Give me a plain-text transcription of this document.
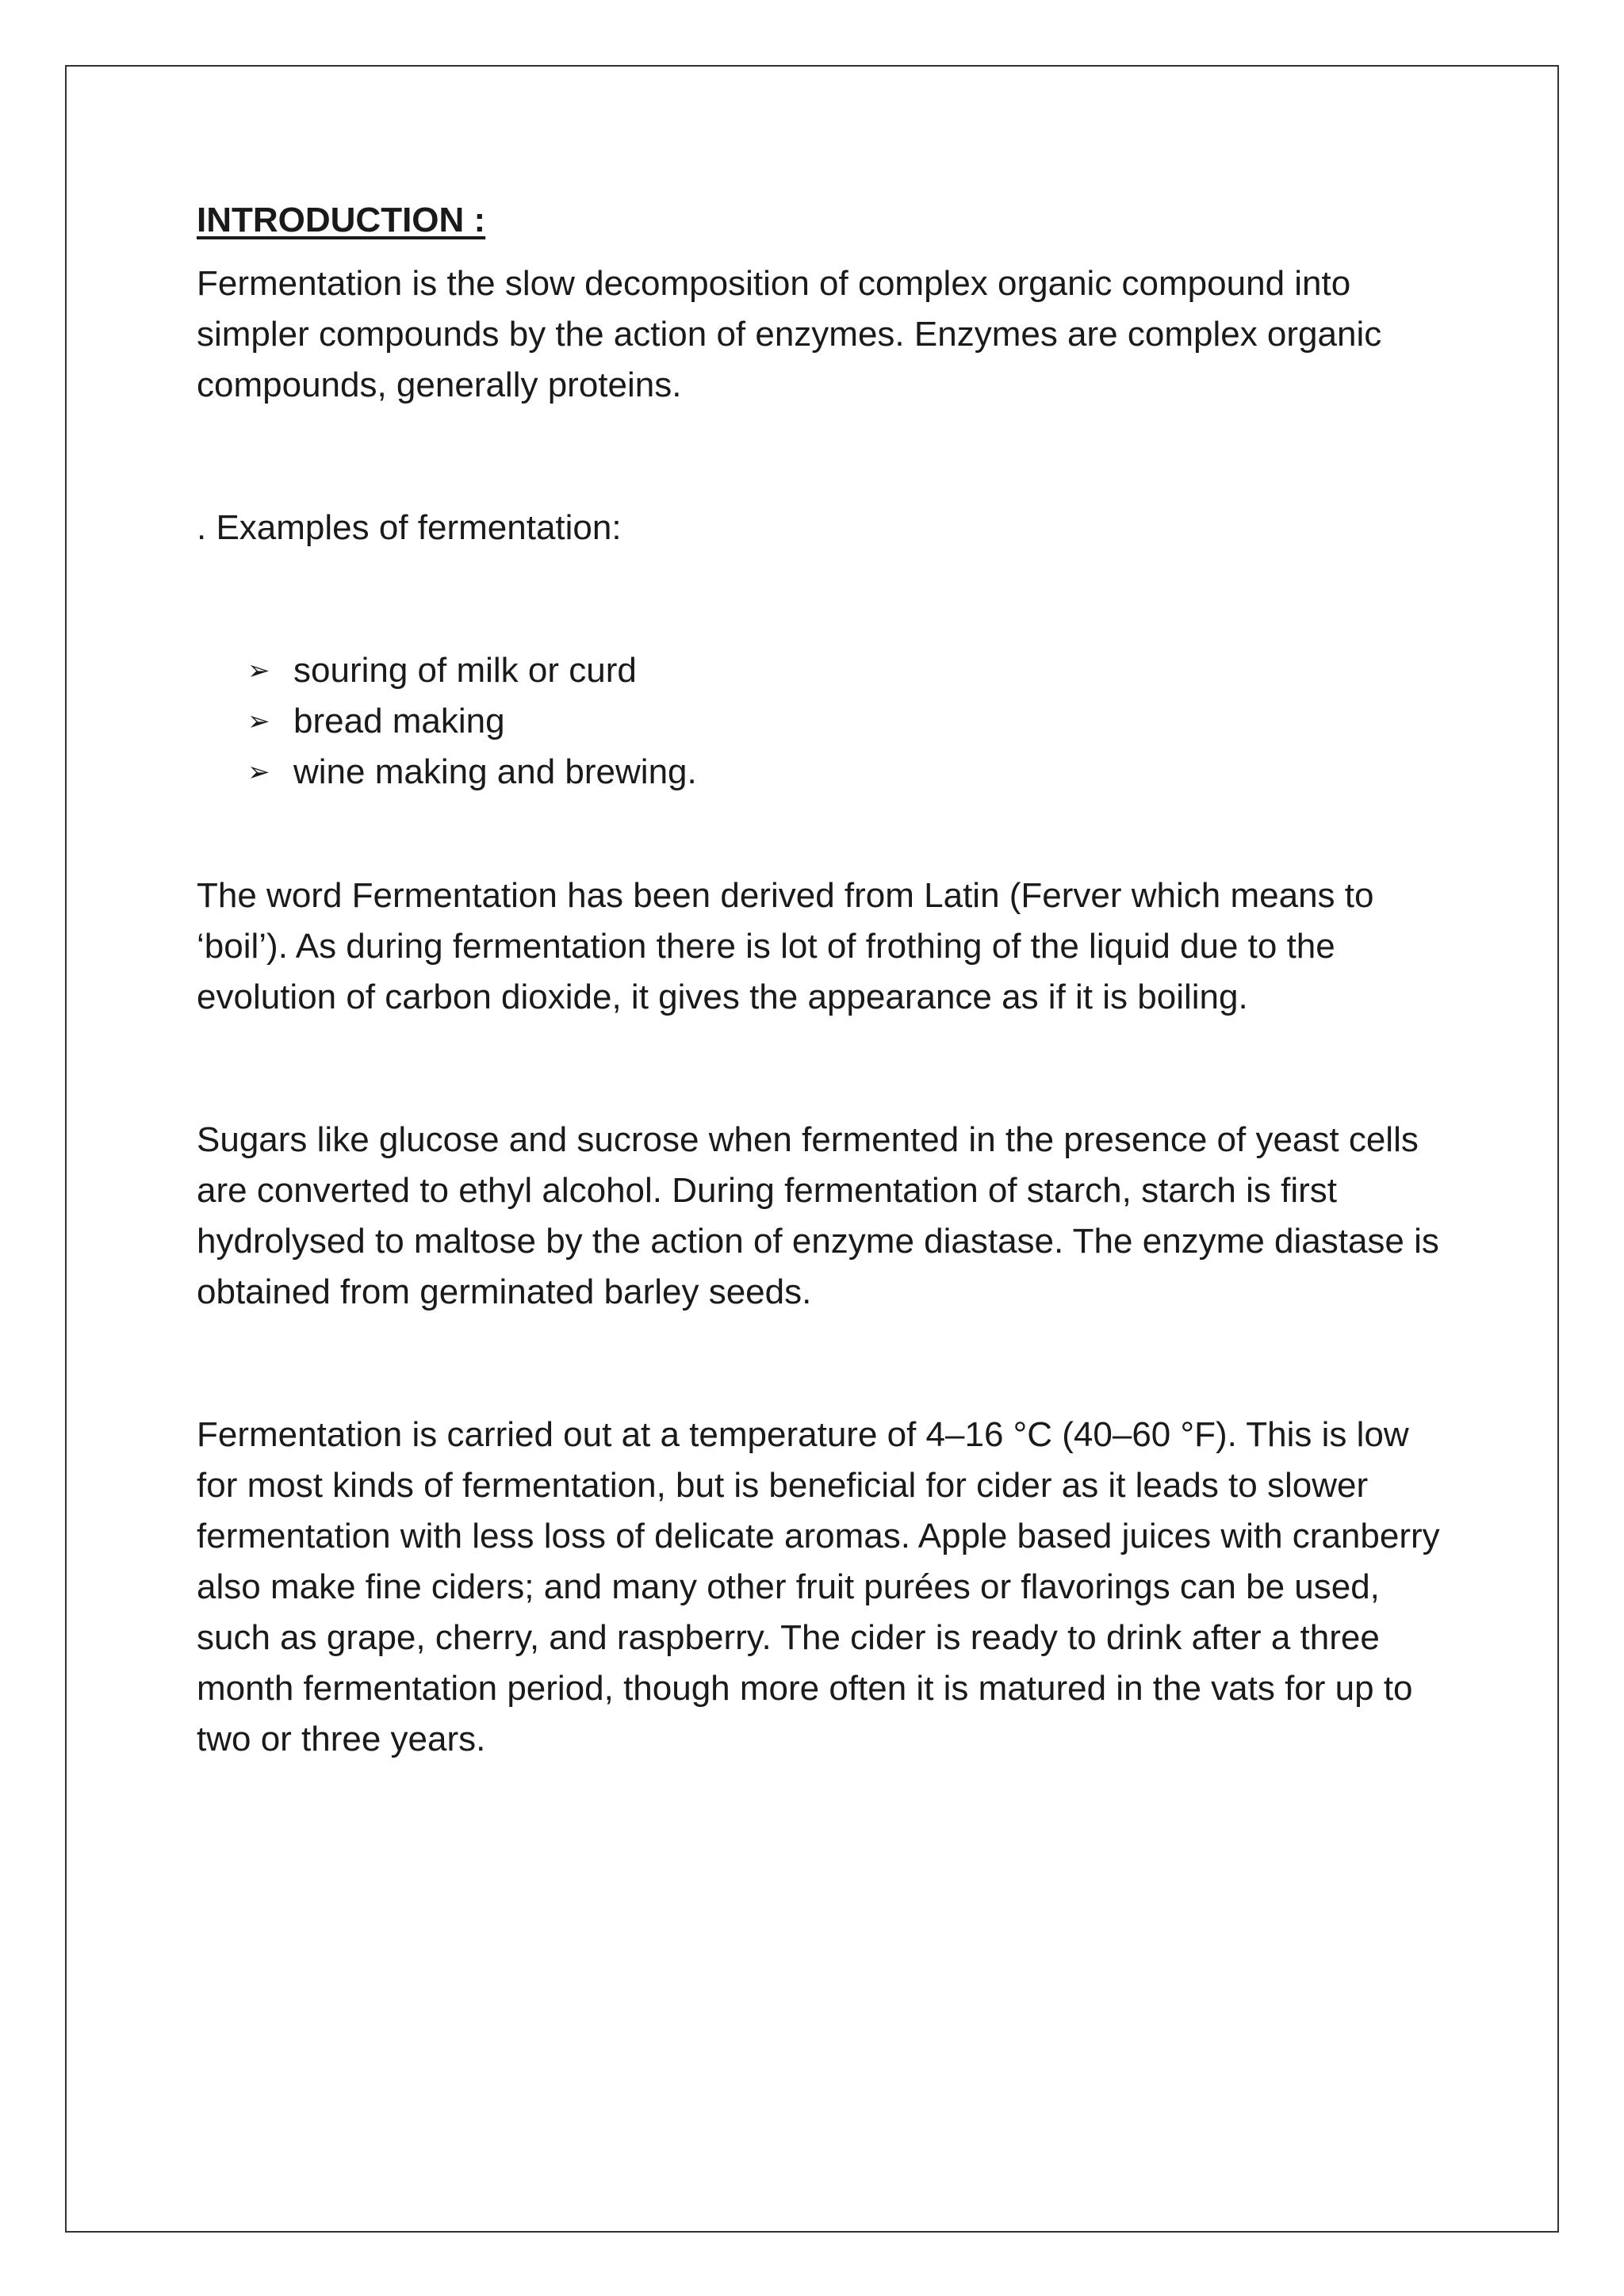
INTRODUCTION :

Fermentation is the slow decomposition of complex organic compound into simpler compounds by the action of enzymes. Enzymes are complex organic compounds, generally proteins.

. Examples of fermentation:

➢ souring of milk or curd
➢ bread making
➢ wine making and brewing.

The word Fermentation has been derived from Latin (Ferver which means to ‘boil’). As during fermentation there is lot of frothing of the liquid due to the evolution of carbon dioxide, it gives the appearance as if it is boiling.

Sugars like glucose and sucrose when fermented in the presence of yeast cells are converted to ethyl alcohol. During fermentation of starch, starch is first hydrolysed to maltose by the action of enzyme diastase. The enzyme diastase is obtained from germinated barley seeds.

Fermentation is carried out at a temperature of 4–16 °C (40–60 °F). This is low for most kinds of fermentation, but is beneficial for cider as it leads to slower fermentation with less loss of delicate aromas. Apple based juices with cranberry also make fine ciders; and many other fruit purées or flavorings can be used, such as grape, cherry, and raspberry. The cider is ready to drink after a three month fermentation period, though more often it is matured in the vats for up to two or three years.
